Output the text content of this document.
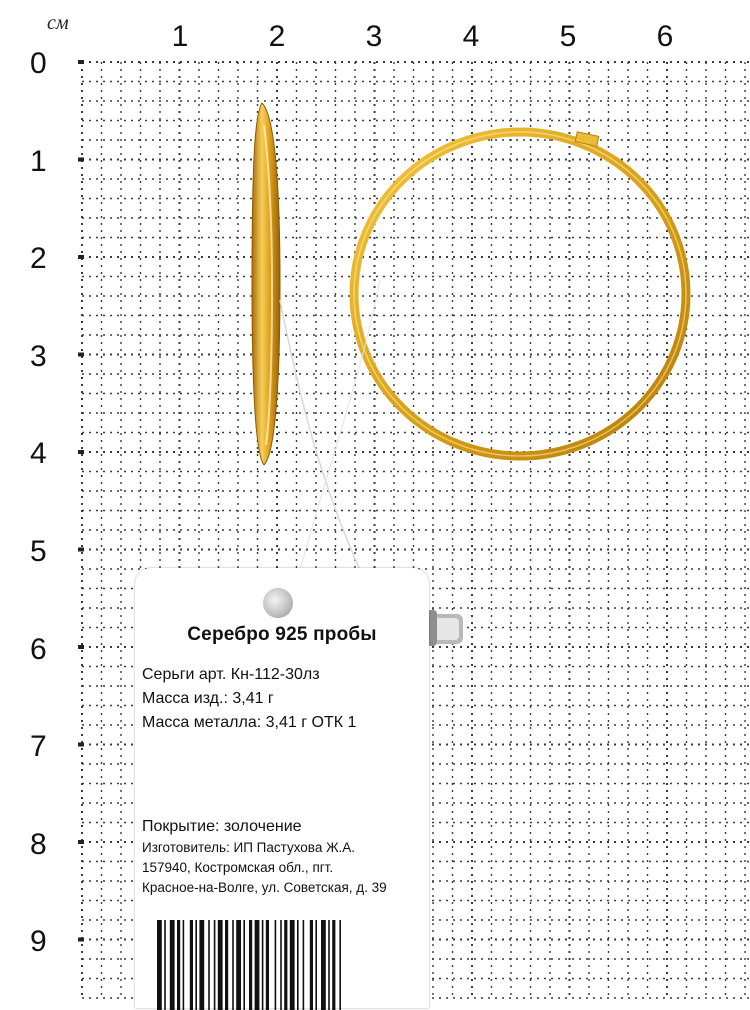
см	1	2	3	4	5	6
0
1
2
3
4
5
6
7
8
9
Серебро 925 пробы
Серьги арт. Кн-112-30лз
Масса изд.: 3,41 г
Масса металла: 3,41 г ОТК 1
Покрытие: золочение
Изготовитель: ИП Пастухова Ж.А.
157940, Костромская обл., пгт.
Красное-на-Волге, ул. Советская, д. 39
